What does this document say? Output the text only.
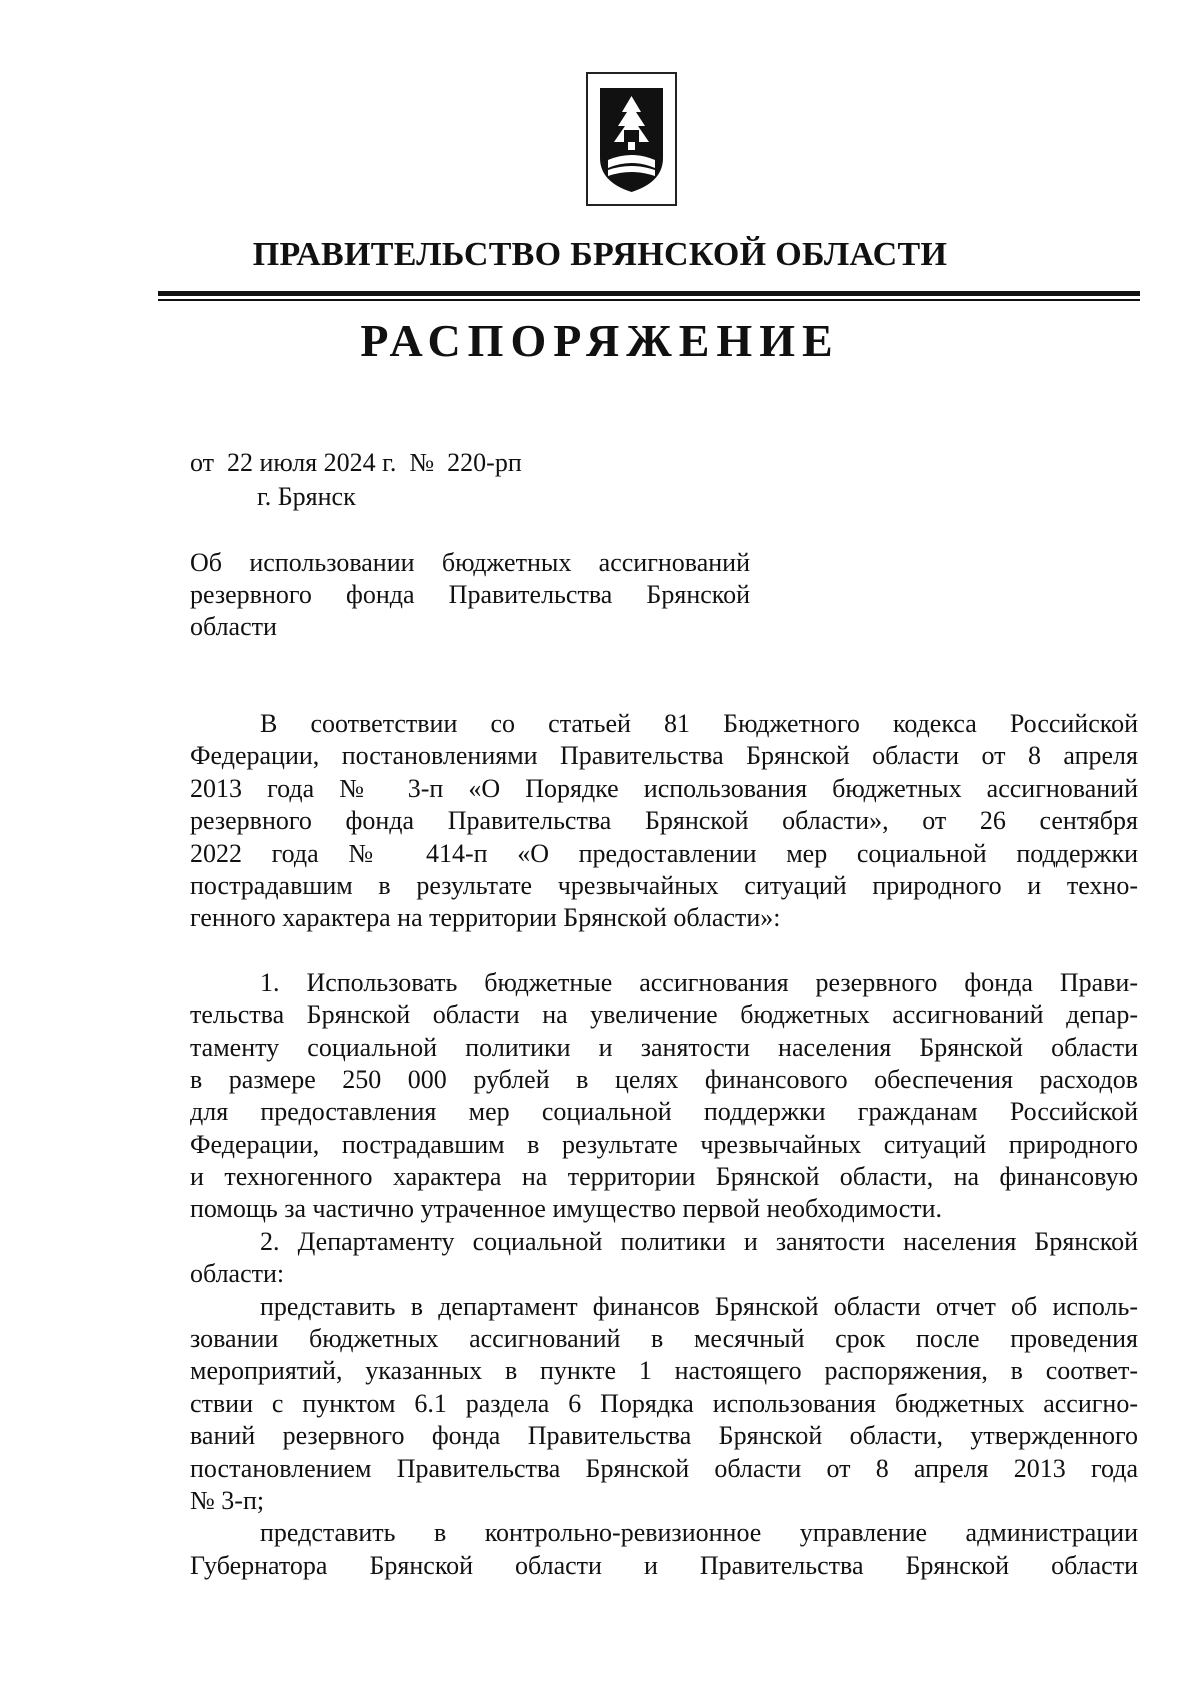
ПРАВИТЕЛЬСТВО БРЯНСКОЙ ОБЛАСТИ
РАСПОРЯЖЕНИЕ
от  22 июля 2024 г.  №  220-рп
г. Брянск
Об использовании бюджетных ассигнований
резервного фонда Правительства Брянской
области
В соответствии со статьей 81 Бюджетного кодекса Российской
Федерации, постановлениями Правительства Брянской области от 8 апреля
2013 года № 3-п «О Порядке использования бюджетных ассигнований
резервного фонда Правительства Брянской области», от 26 сентября
2022 года № 414-п «О предоставлении мер социальной поддержки
пострадавшим в результате чрезвычайных ситуаций природного и техно-
генного характера на территории Брянской области»:
1. Использовать бюджетные ассигнования резервного фонда Прави-
тельства Брянской области на увеличение бюджетных ассигнований депар-
таменту социальной политики и занятости населения Брянской области
в размере 250 000 рублей в целях финансового обеспечения расходов
для предоставления мер социальной поддержки гражданам Российской
Федерации, пострадавшим в результате чрезвычайных ситуаций природного
и техногенного характера на территории Брянской области, на финансовую
помощь за частично утраченное имущество первой необходимости.
2. Департаменту социальной политики и занятости населения Брянской
области:
представить в департамент финансов Брянской области отчет об исполь-
зовании бюджетных ассигнований в месячный срок после проведения
мероприятий, указанных в пункте 1 настоящего распоряжения, в соответ-
ствии с пунктом 6.1 раздела 6 Порядка использования бюджетных ассигно-
ваний резервного фонда Правительства Брянской области, утвержденного
постановлением Правительства Брянской области от 8 апреля 2013 года
№ 3-п;
представить в контрольно-ревизионное управление администрации
Губернатора Брянской области и Правительства Брянской области
